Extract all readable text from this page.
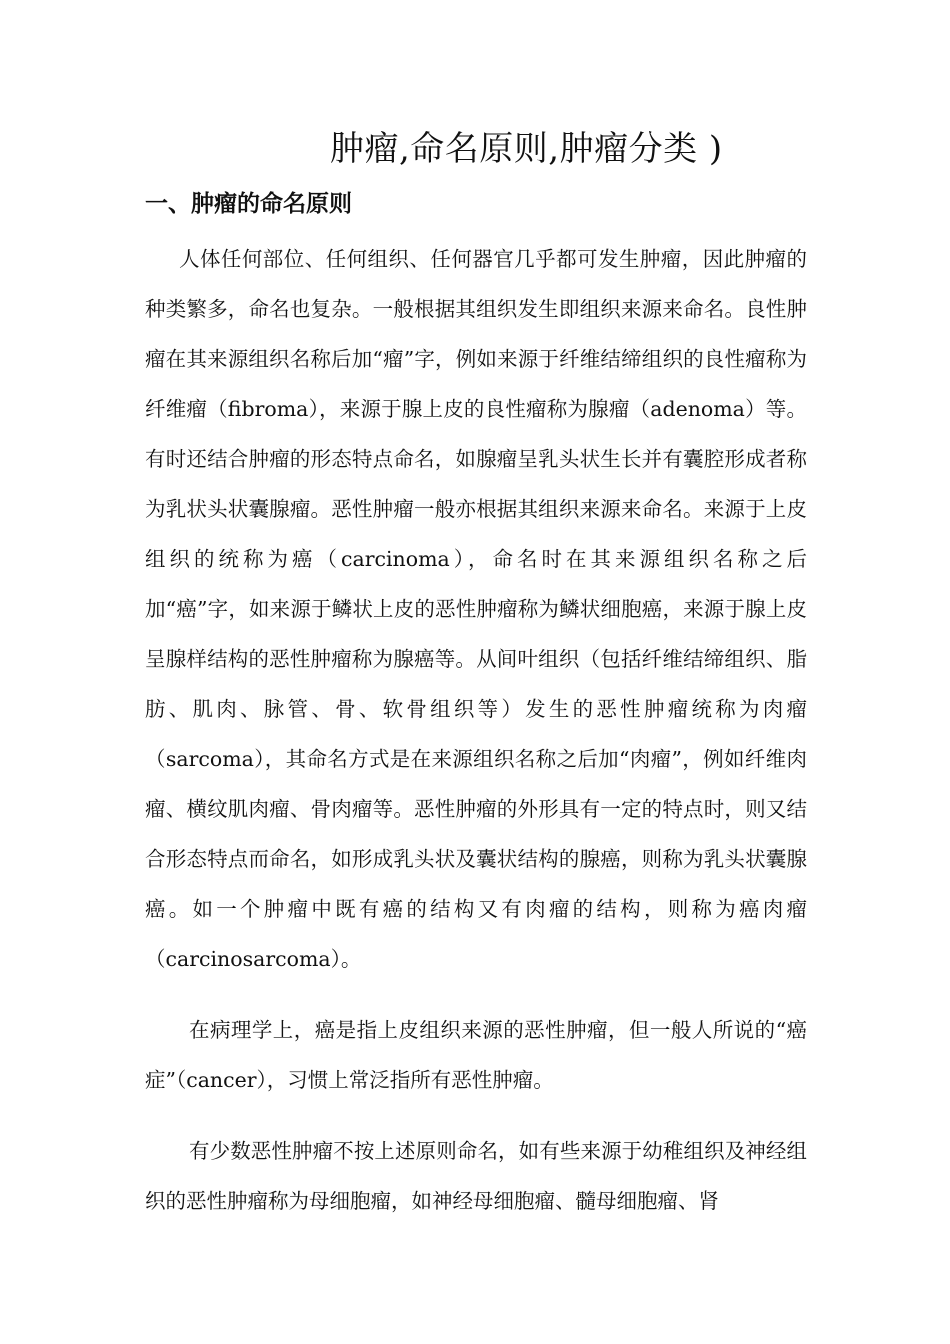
肿瘤,命名原则,肿瘤分类 )
一、肿瘤的命名原则

人体任何部位、任何组织、任何器官几乎都可发生肿瘤，因此肿瘤的种类繁多，命名也复杂。一般根据其组织发生即组织来源来命名。良性肿瘤在其来源组织名称后加“瘤”字，例如来源于纤维结缔组织的良性瘤称为纤维瘤（fibroma），来源于腺上皮的良性瘤称为腺瘤（adenoma）等。有时还结合肿瘤的形态特点命名，如腺瘤呈乳头状生长并有囊腔形成者称为乳状头状囊腺瘤。恶性肿瘤一般亦根据其组织来源来命名。来源于上皮组织的统称为癌（carcinoma），命名时在其来源组织名称之后加“癌”字，如来源于鳞状上皮的恶性肿瘤称为鳞状细胞癌，来源于腺上皮呈腺样结构的恶性肿瘤称为腺癌等。从间叶组织（包括纤维结缔组织、脂肪、肌肉、脉管、骨、软骨组织等）发生的恶性肿瘤统称为肉瘤（sarcoma），其命名方式是在来源组织名称之后加“肉瘤”，例如纤维肉瘤、横纹肌肉瘤、骨肉瘤等。恶性肿瘤的外形具有一定的特点时，则又结合形态特点而命名，如形成乳头状及囊状结构的腺癌，则称为乳头状囊腺癌。如一个肿瘤中既有癌的结构又有肉瘤的结构，则称为癌肉瘤（carcinosarcoma）。

在病理学上，癌是指上皮组织来源的恶性肿瘤，但一般人所说的“癌症”（cancer），习惯上常泛指所有恶性肿瘤。

有少数恶性肿瘤不按上述原则命名，如有些来源于幼稚组织及神经组织的恶性肿瘤称为母细胞瘤，如神经母细胞瘤、髓母细胞瘤、肾
